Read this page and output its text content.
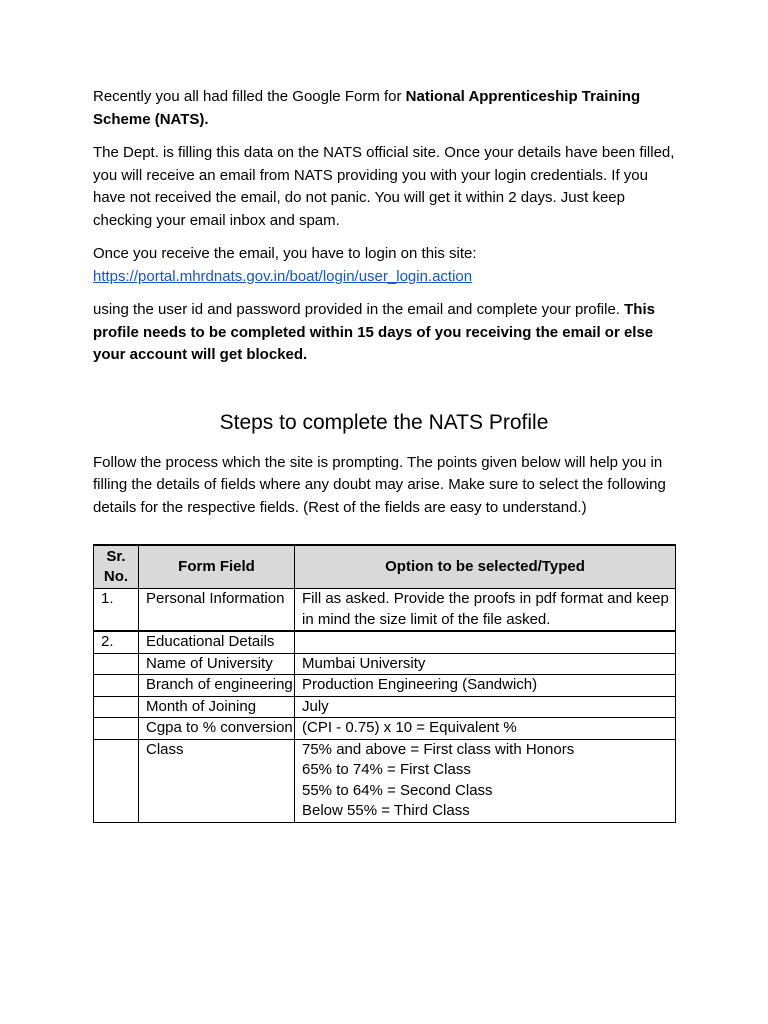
Recently you all had filled the Google Form for National Apprenticeship Training Scheme (NATS).

The Dept. is filling this data on the NATS official site. Once your details have been filled, you will receive an email from NATS providing you with your login credentials. If you have not received the email, do not panic. You will get it within 2 days. Just keep checking your email inbox and spam.

Once you receive the email, you have to login on this site:
https://portal.mhrdnats.gov.in/boat/login/user_login.action

using the user id and password provided in the email and complete your profile. This profile needs to be completed within 15 days of you receiving the email or else your account will get blocked.

Steps to complete the NATS Profile

Follow the process which the site is prompting. The points given below will help you in filling the details of fields where any doubt may arise. Make sure to select the following details for the respective fields. (Rest of the fields are easy to understand.)

Sr. No.	Form Field	Option to be selected/Typed
1.	Personal Information	Fill as asked. Provide the proofs in pdf format and keep in mind the size limit of the file asked.
2.	Educational Details	
	Name of University	Mumbai University
	Branch of engineering	Production Engineering (Sandwich)
	Month of Joining	July
	Cgpa to % conversion	(CPI - 0.75) x 10 = Equivalent %
	Class	75% and above = First class with Honors
65% to 74% = First Class
55% to 64% = Second Class
Below 55% = Third Class
